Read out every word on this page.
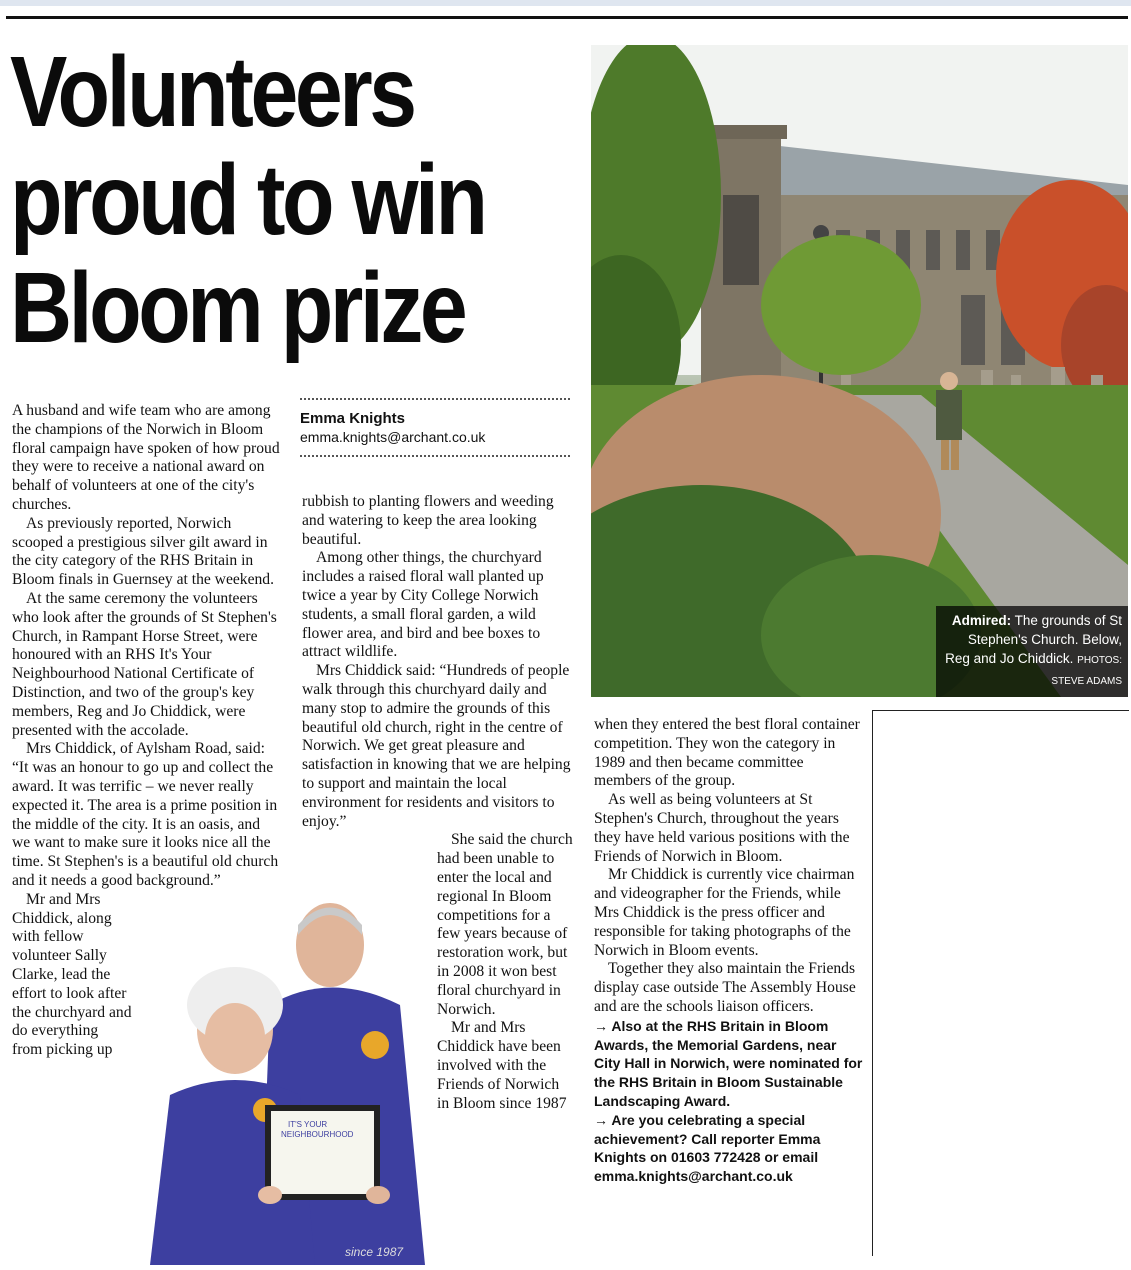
Volunteers
proud to win
Bloom prize
Admired: The grounds of St Stephen's Church. Below, Reg and Jo Chiddick. PHOTOS: STEVE ADAMS
Emma Knights
emma.knights@archant.co.uk

A husband and wife team who are among the champions of the Norwich in Bloom floral campaign have spoken of how proud they were to receive a national award on behalf of volunteers at one of the city's churches.

As previously reported, Norwich scooped a prestigious silver gilt award in the city category of the RHS Britain in Bloom finals in Guernsey at the weekend.

At the same ceremony the volunteers who look after the grounds of St Stephen's Church, in Rampant Horse Street, were honoured with an RHS It's Your Neighbourhood National Certificate of Distinction, and two of the group's key members, Reg and Jo Chiddick, were presented with the accolade.

Mrs Chiddick, of Aylsham Road, said: “It was an honour to go up and collect the award. It was terrific – we never really expected it. The area is a prime position in the middle of the city. It is an oasis, and we want to make sure it looks nice all the time. St Stephen's is a beautiful old church and it needs a good background.”

Mr and Mrs Chiddick, along with fellow volunteer Sally Clarke, lead the effort to look after the churchyard and do everything from picking up

rubbish to planting flowers and weeding and watering to keep the area looking beautiful.

Among other things, the churchyard includes a raised floral wall planted up twice a year by City College Norwich students, a small floral garden, a wild flower area, and bird and bee boxes to attract wildlife.

Mrs Chiddick said: “Hundreds of people walk through this churchyard daily and many stop to admire the grounds of this beautiful old church, right in the centre of Norwich. We get great pleasure and satisfaction in knowing that we are helping to support and maintain the local environment for residents and visitors to enjoy.”

She said the church had been unable to enter the local and regional In Bloom competitions for a few years because of restoration work, but in 2008 it won best floral churchyard in Norwich.

Mr and Mrs Chiddick have been involved with the Friends of Norwich in Bloom since 1987

when they entered the best floral container competition. They won the category in 1989 and then became committee members of the group.

As well as being volunteers at St Stephen's Church, throughout the years they have held various positions with the Friends of Norwich in Bloom.

Mr Chiddick is currently vice chairman and videographer for the Friends, while Mrs Chiddick is the press officer and responsible for taking photographs of the Norwich in Bloom events.

Together they also maintain the Friends display case outside The Assembly House and are the schools liaison officers.

→ Also at the RHS Britain in Bloom Awards, the Memorial Gardens, near City Hall in Norwich, were nominated for the RHS Britain in Bloom Sustainable Landscaping Award.

→ Are you celebrating a special achievement? Call reporter Emma Knights on 01603 772428 or email emma.knights@archant.co.uk

IT'S YOUR
NEIGHBOURHOOD
since 1987
